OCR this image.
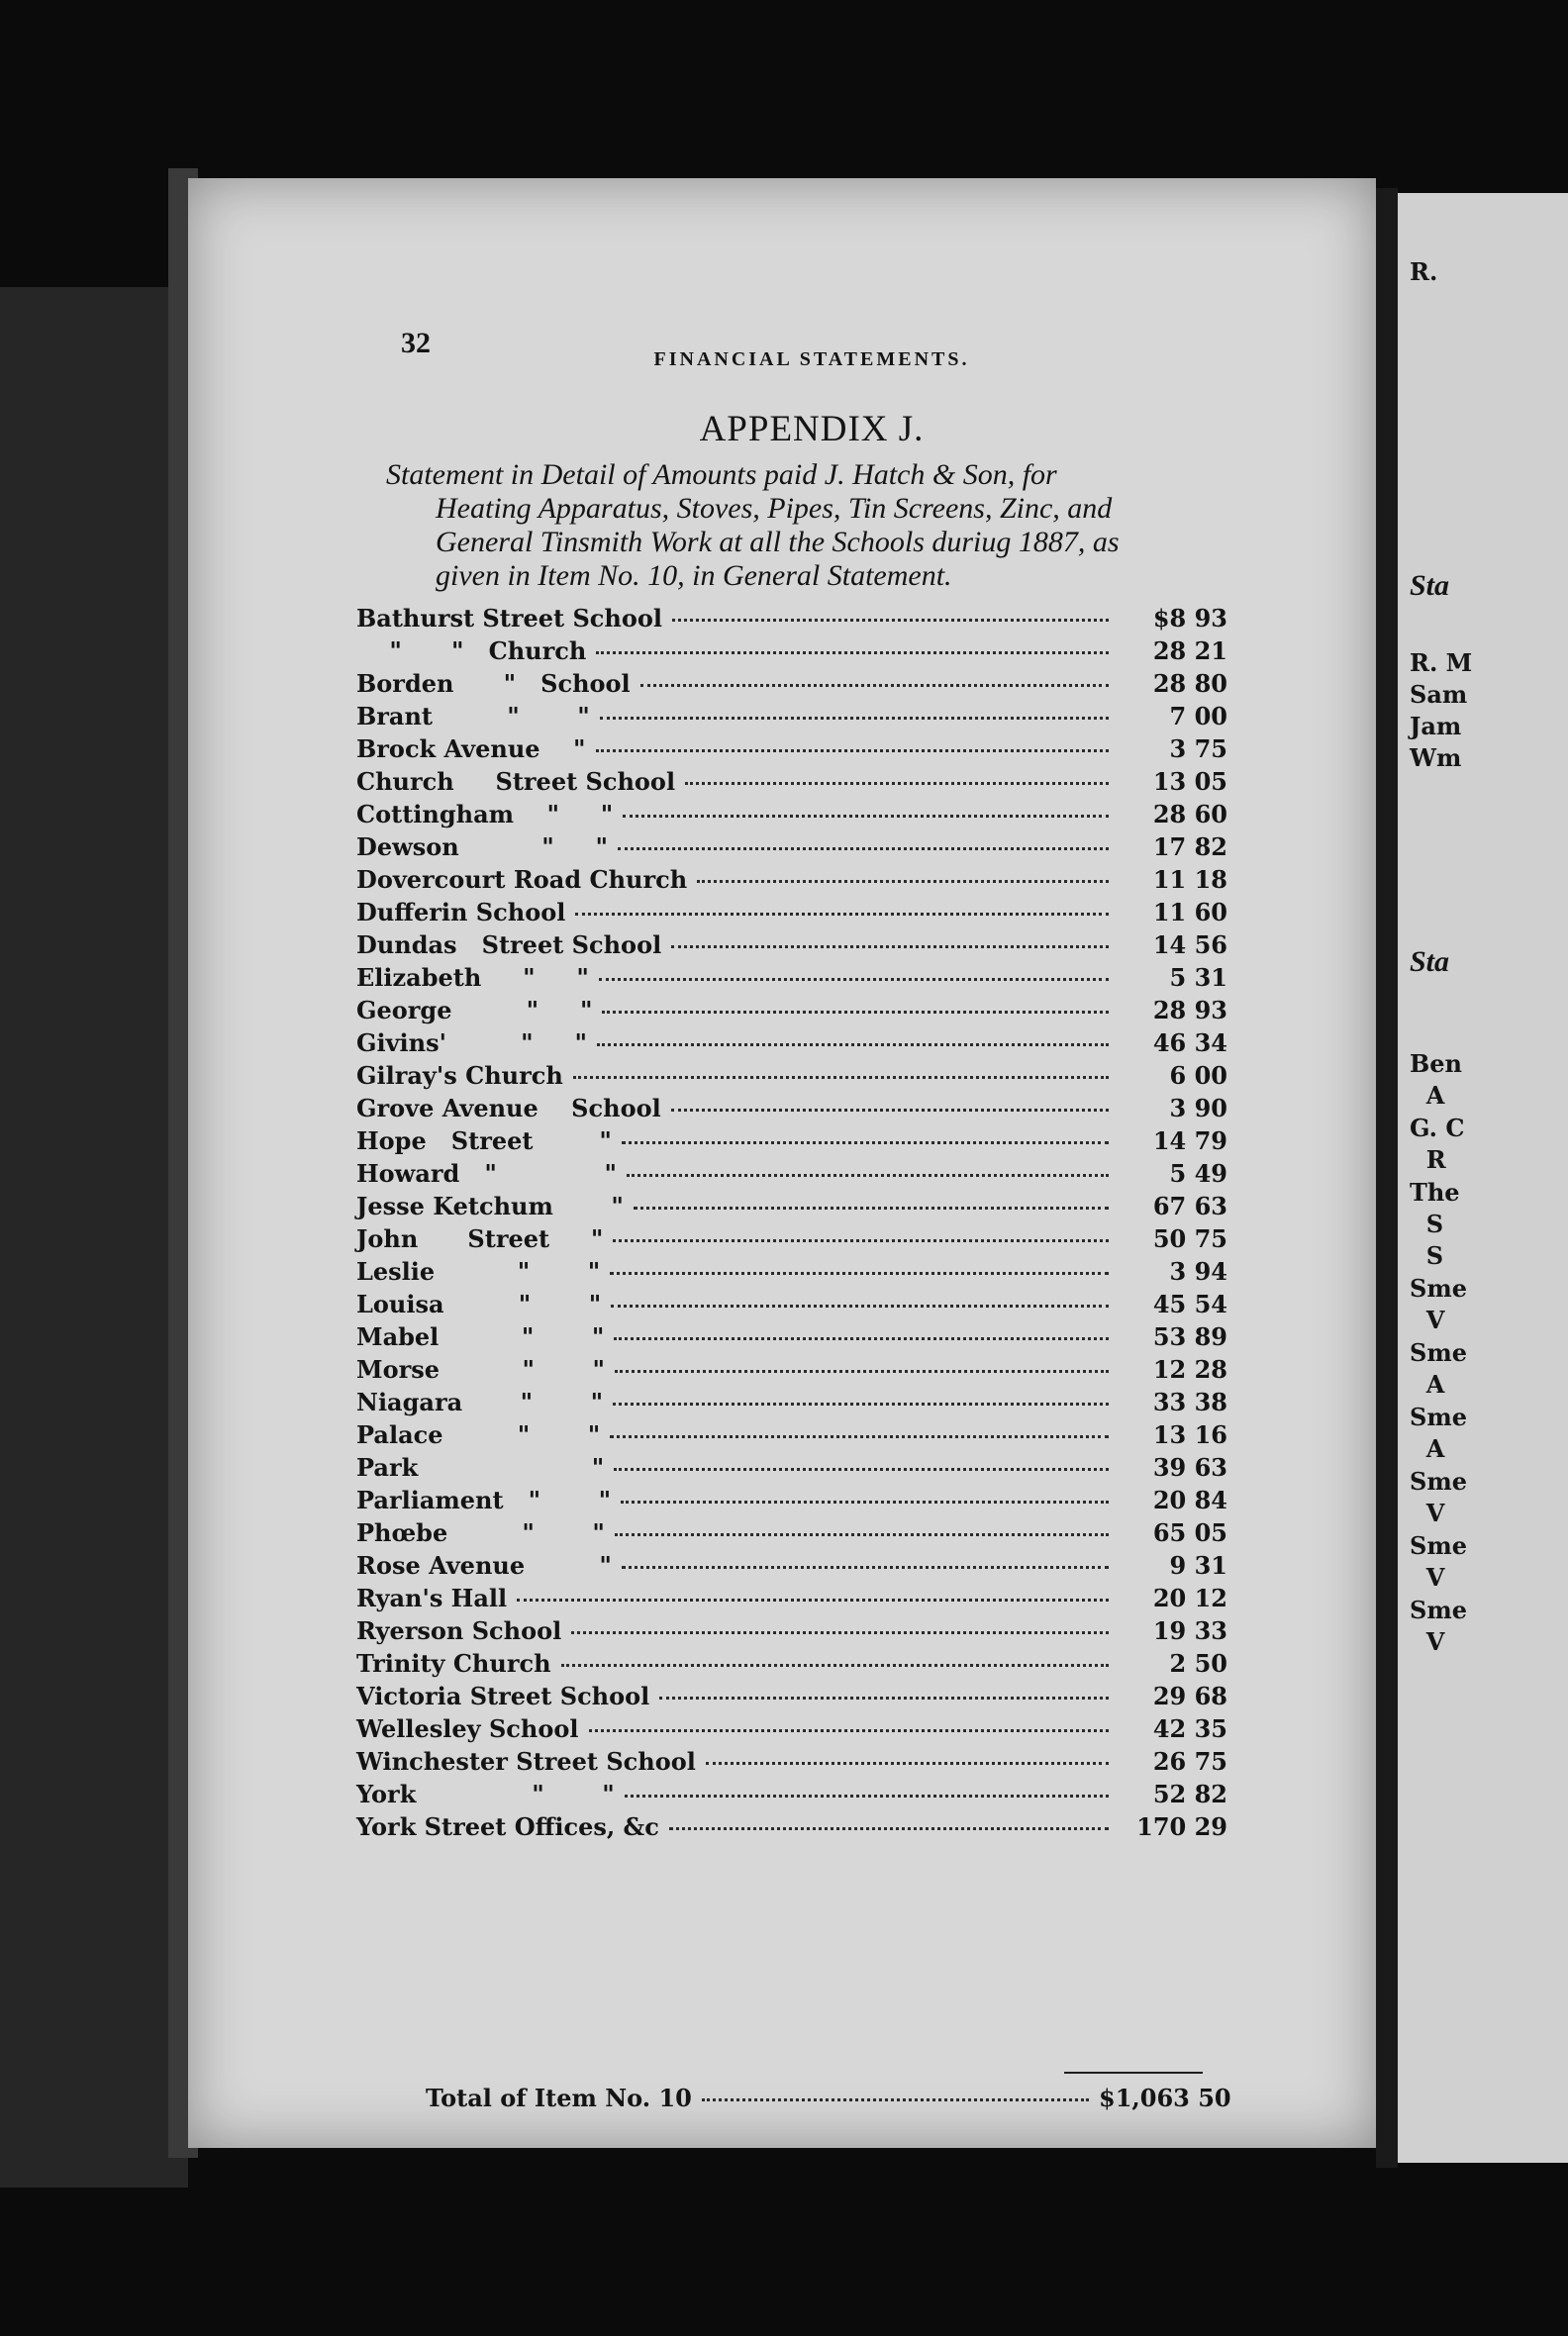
32	FINANCIAL STATEMENTS.
APPENDIX J.
Statement in Detail of Amounts paid J. Hatch & Son, for
Heating Apparatus, Stoves, Pipes, Tin Screens, Zinc, and
General Tinsmith Work at all the Schools duriug 1887, as
given in Item No. 10, in General Statement.
Bathurst Street School	$8 93
"      "   Church	28 21
Borden      "   School	28 80
Brant         "       "	7 00
Brock Avenue    "	3 75
Church     Street School	13 05
Cottingham    "     "	28 60
Dewson          "     "	17 82
Dovercourt Road Church	11 18
Dufferin School	11 60
Dundas   Street School	14 56
Elizabeth     "     "	5 31
George         "     "	28 93
Givins'         "     "	46 34
Gilray's Church	6 00
Grove Avenue    School	3 90
Hope   Street        "	14 79
Howard   "             "	5 49
Jesse Ketchum       "	67 63
John      Street     "	50 75
Leslie          "       "	3 94
Louisa         "       "	45 54
Mabel          "       "	53 89
Morse          "       "	12 28
Niagara       "       "	33 38
Palace         "       "	13 16
Park                     "	39 63
Parliament   "       "	20 84
Phœbe         "       "	65 05
Rose Avenue         "	9 31
Ryan's Hall	20 12
Ryerson School	19 33
Trinity Church	2 50
Victoria Street School	29 68
Wellesley School	42 35
Winchester Street School	26 75
York              "       "	52 82
York Street Offices, &c	170 29
Total of Item No. 10	$1,063 50
R.
Sta
R. M
Sam
Jam
Wm
Sta
Ben
A
G. C
R
The
S
S
Sme
V
Sme
A
Sme
A
Sme
V
Sme
V
Sme
V
